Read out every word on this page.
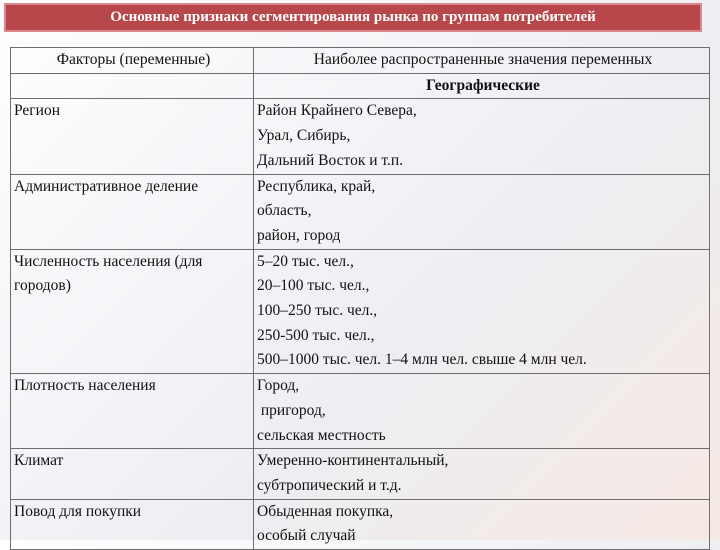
Основные признаки сегментирования рынка по группам потребителей
Факторы (переменные)	Наиболее распространенные значения переменных
	Географические
Регион	Район Крайнего Севера,
Урал, Сибирь,
Дальний Восток и т.п.

Административное деление	Республика, край,
область,
район, город

Численность населения (для городов)	5–20 тыс. чел.,
20–100 тыс. чел.,
100–250 тыс. чел.,
250-500 тыс. чел.,
500–1000 тыс. чел. 1–4 млн чел. свыше 4 млн чел.

Плотность населения	Город,
пригород,
сельская местность

Климат	Умеренно-континентальный,
субтропический и т.д.

Повод для покупки	Обыденная покупка,
особый случай
